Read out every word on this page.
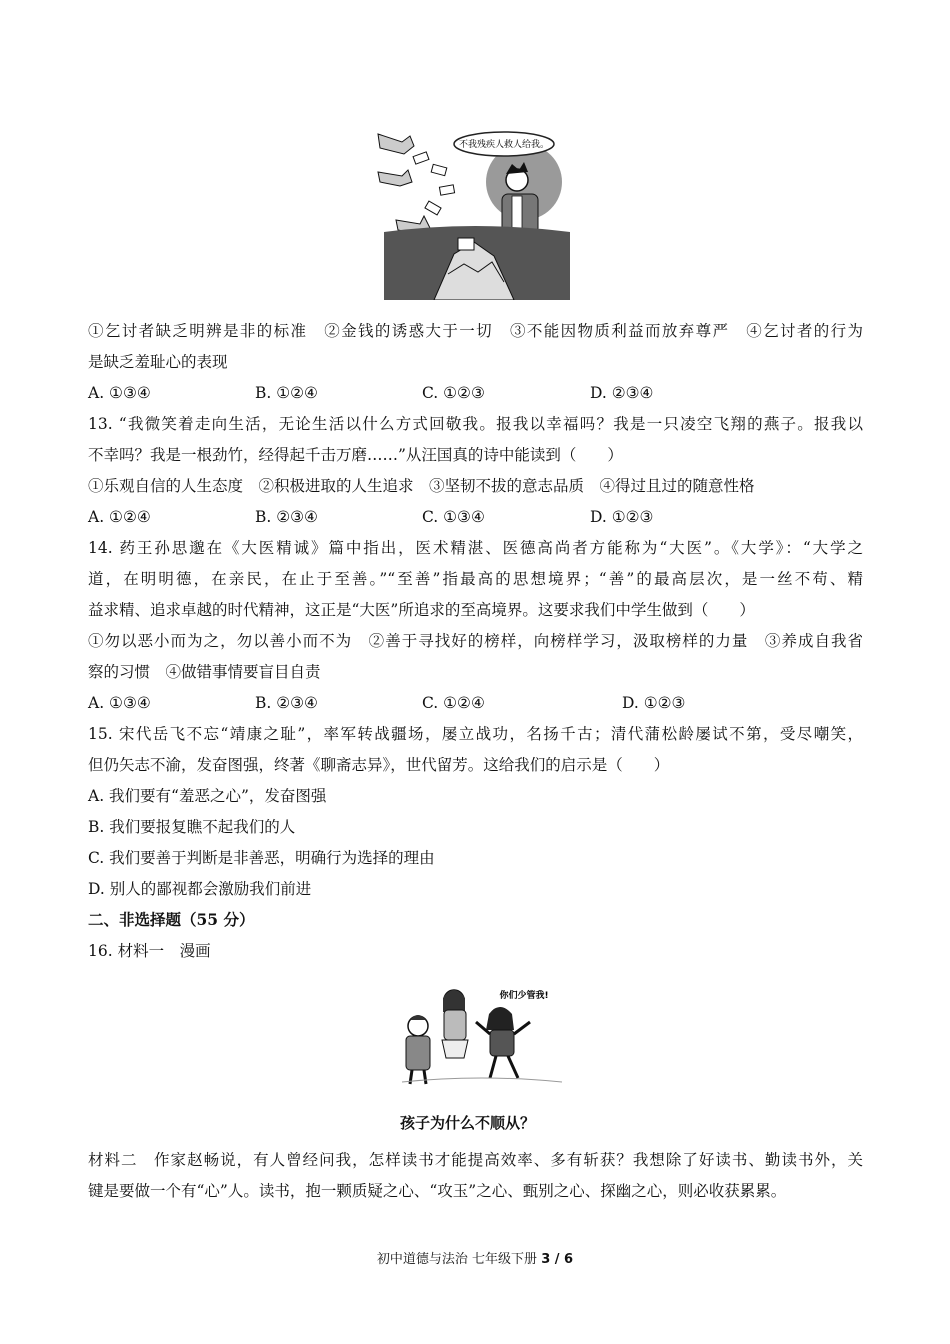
不我残疾人救人给我。
①乞讨者缺乏明辨是非的标准　②金钱的诱惑大于一切　③不能因物质利益而放弃尊严　④乞讨者的行为
是缺乏羞耻心的表现
A. ①③④	B. ①②④	C. ①②③	D. ②③④
13. “我微笑着走向生活，无论生活以什么方式回敬我。报我以幸福吗？我是一只凌空飞翔的燕子。报我以
不幸吗？我是一根劲竹，经得起千击万磨……”从汪国真的诗中能读到（　　）
①乐观自信的人生态度　②积极进取的人生追求　③坚韧不拔的意志品质　④得过且过的随意性格
A. ①②④	B. ②③④	C. ①③④	D. ①②③
14. 药王孙思邈在《大医精诚》篇中指出，医术精湛、医德高尚者方能称为“大医”。《大学》：“大学之
道，在明明德，在亲民，在止于至善。”“至善”指最高的思想境界；“善”的最高层次，是一丝不苟、精
益求精、追求卓越的时代精神，这正是“大医”所追求的至高境界。这要求我们中学生做到（　　）
①勿以恶小而为之，勿以善小而不为　②善于寻找好的榜样，向榜样学习，汲取榜样的力量　③养成自我省
察的习惯　④做错事情要盲目自责
A. ①③④	B. ②③④	C. ①②④	D. ①②③
15. 宋代岳飞不忘“靖康之耻”，率军转战疆场，屡立战功，名扬千古；清代蒲松龄屡试不第，受尽嘲笑，
但仍矢志不渝，发奋图强，终著《聊斋志异》，世代留芳。这给我们的启示是（　　）
A. 我们要有“羞恶之心”，发奋图强
B. 我们要报复瞧不起我们的人
C. 我们要善于判断是非善恶，明确行为选择的理由
D. 别人的鄙视都会激励我们前进
二、非选择题（55 分）
16. 材料一　漫画
你们少管我!
孩子为什么不顺从？
材料二　作家赵畅说，有人曾经问我，怎样读书才能提高效率、多有斩获？我想除了好读书、勤读书外，关
键是要做一个有“心”人。读书，抱一颗质疑之心、“攻玉”之心、甄别之心、探幽之心，则必收获累累。
初中道德与法治 七年级下册 3 / 6
